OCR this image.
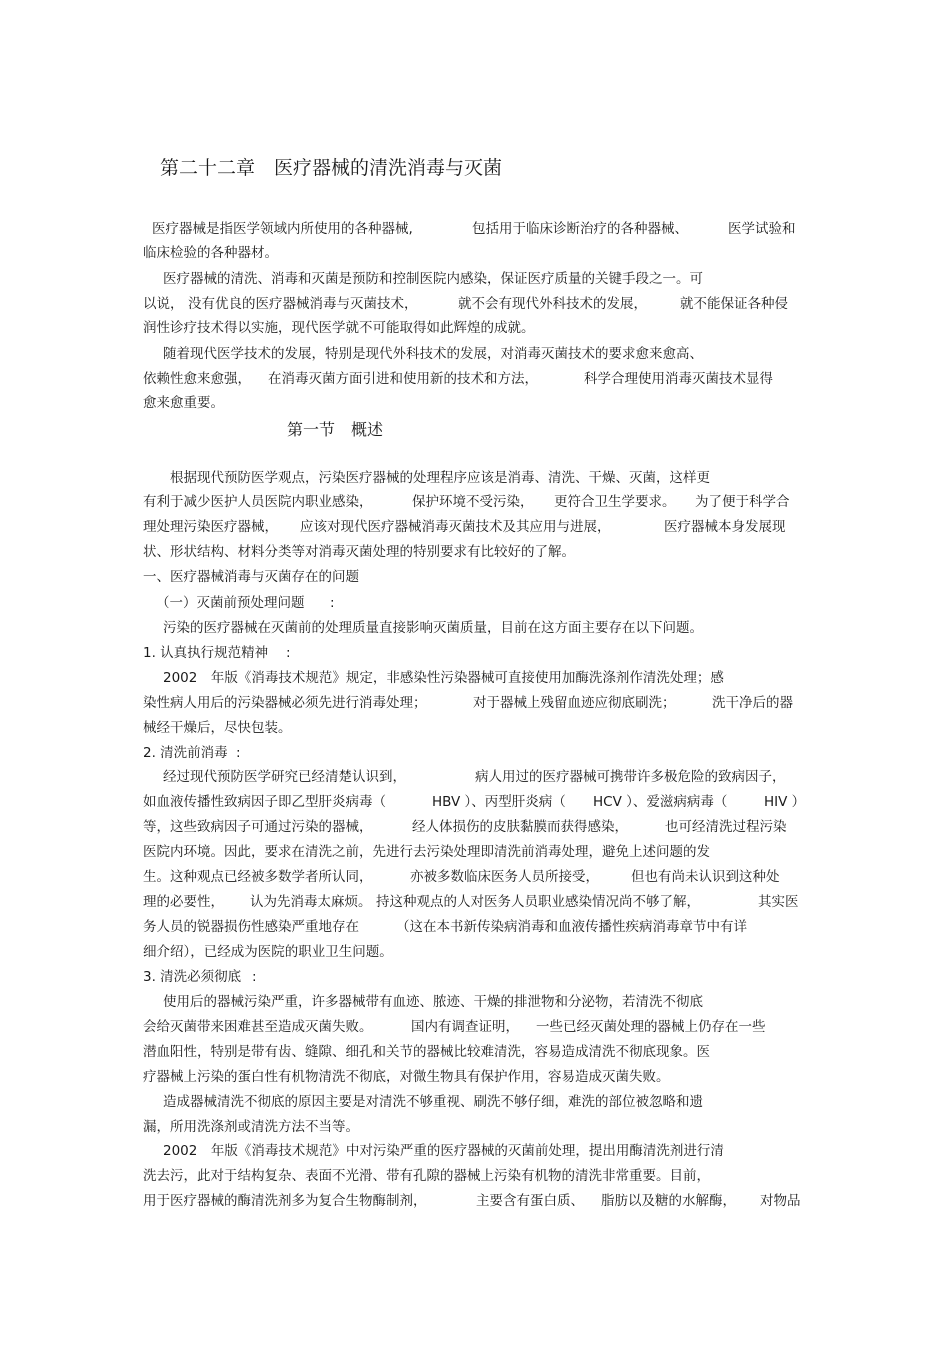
第二十二章　医疗器械的清洗消毒与灭菌
第一节　概述

医疗器械是指医学领域内所使用的各种器械,

	包括用于临床诊断治疗的各种器械、

	医学试验和

临床检验的各种器材。
医疗器械的清洗、消毒和灭菌是预防和控制医院内感染，保证医疗质量的关键手段之一。可

以说，

没有优良的医疗器械消毒与灭菌技术，

	就不会有现代外科技术的发展，

就不能保证各种侵

润性诊疗技术得以实施，现代医学就不可能取得如此辉煌的成就。
随着现代医学技术的发展，特别是现代外科技术的发展，对消毒灭菌技术的要求愈来愈高、

依赖性愈来愈强，

在消毒灭菌方面引进和使用新的技术和方法，

	科学合理使用消毒灭菌技术显得

愈来愈重要。
根据现代预防医学观点，污染医疗器械的处理程序应该是消毒、清洗、干燥、灭菌，这样更

有利于减少医护人员医院内职业感染，

	保护环境不受污染，

更符合卫生学要求。

为了便于科学合

理处理污染医疗器械，

应该对现代医疗器械消毒灭菌技术及其应用与进展，

	医疗器械本身发展现

状、形状结构、材料分类等对消毒灭菌处理的特别要求有比较好的了解。
一、医疗器械消毒与灭菌存在的问题

（一）灭菌前预处理问题

:

污染的医疗器械在灭菌前的处理质量直接影响灭菌质量，目前在这方面主要存在以下问题。

1. 认真执行规范精神

:

2002　年版《消毒技术规范》规定，非感染性污染器械可直接使用加酶洗涤剂作清洗处理；感

染性病人用后的污染器械必须先进行消毒处理；

	对于器械上残留血迹应彻底刷洗；

	洗干净后的器

械经干燥后，尽快包装。

2. 清洗前消毒

:

经过现代预防医学研究已经清楚认识到，

	病人用过的医疗器械可携带许多极危险的致病因子，

如血液传播性致病因子即乙型肝炎病毒（

	HBV ）、丙型肝炎病（

HCV ）、爱滋病病毒（

	HIV ）

等，这些致病因子可通过污染的器械，

	经人体损伤的皮肤黏膜而获得感染，

	也可经清洗过程污染

医院内环境。因此，要求在清洗之前，先进行去污染处理即清洗前消毒处理，避免上述问题的发

生。这种观点已经被多数学者所认同，

	亦被多数临床医务人员所接受，

但也有尚未认识到这种处

理的必要性，

认为先消毒太麻烦。

持这种观点的人对医务人员职业感染情况尚不够了解，

	其实医

务人员的锐器损伤性感染严重地存在

	（这在本书新传染病消毒和血液传播性疾病消毒章节中有详

细介绍），已经成为医院的职业卫生问题。

3. 清洗必须彻底

:

使用后的器械污染严重，许多器械带有血迹、脓迹、干燥的排泄物和分泌物，若清洗不彻底

会给灭菌带来困难甚至造成灭菌失败。

	国内有调查证明，

一些已经灭菌处理的器械上仍存在一些

潜血阳性，特别是带有齿、缝隙、细孔和关节的器械比较难清洗，容易造成清洗不彻底现象。医
疗器械上污染的蛋白性有机物清洗不彻底，对微生物具有保护作用，容易造成灭菌失败。
造成器械清洗不彻底的原因主要是对清洗不够重视、刷洗不够仔细，难洗的部位被忽略和遗
漏，所用洗涤剂或清洗方法不当等。
2002　年版《消毒技术规范》中对污染严重的医疗器械的灭菌前处理，提出用酶清洗剂进行清
洗去污，此对于结构复杂、表面不光滑、带有孔隙的器械上污染有机物的清洗非常重要。目前，

用于医疗器械的酶清洗剂多为复合生物酶制剂，

	主要含有蛋白质、

脂肪以及糖的水解酶，

对物品
